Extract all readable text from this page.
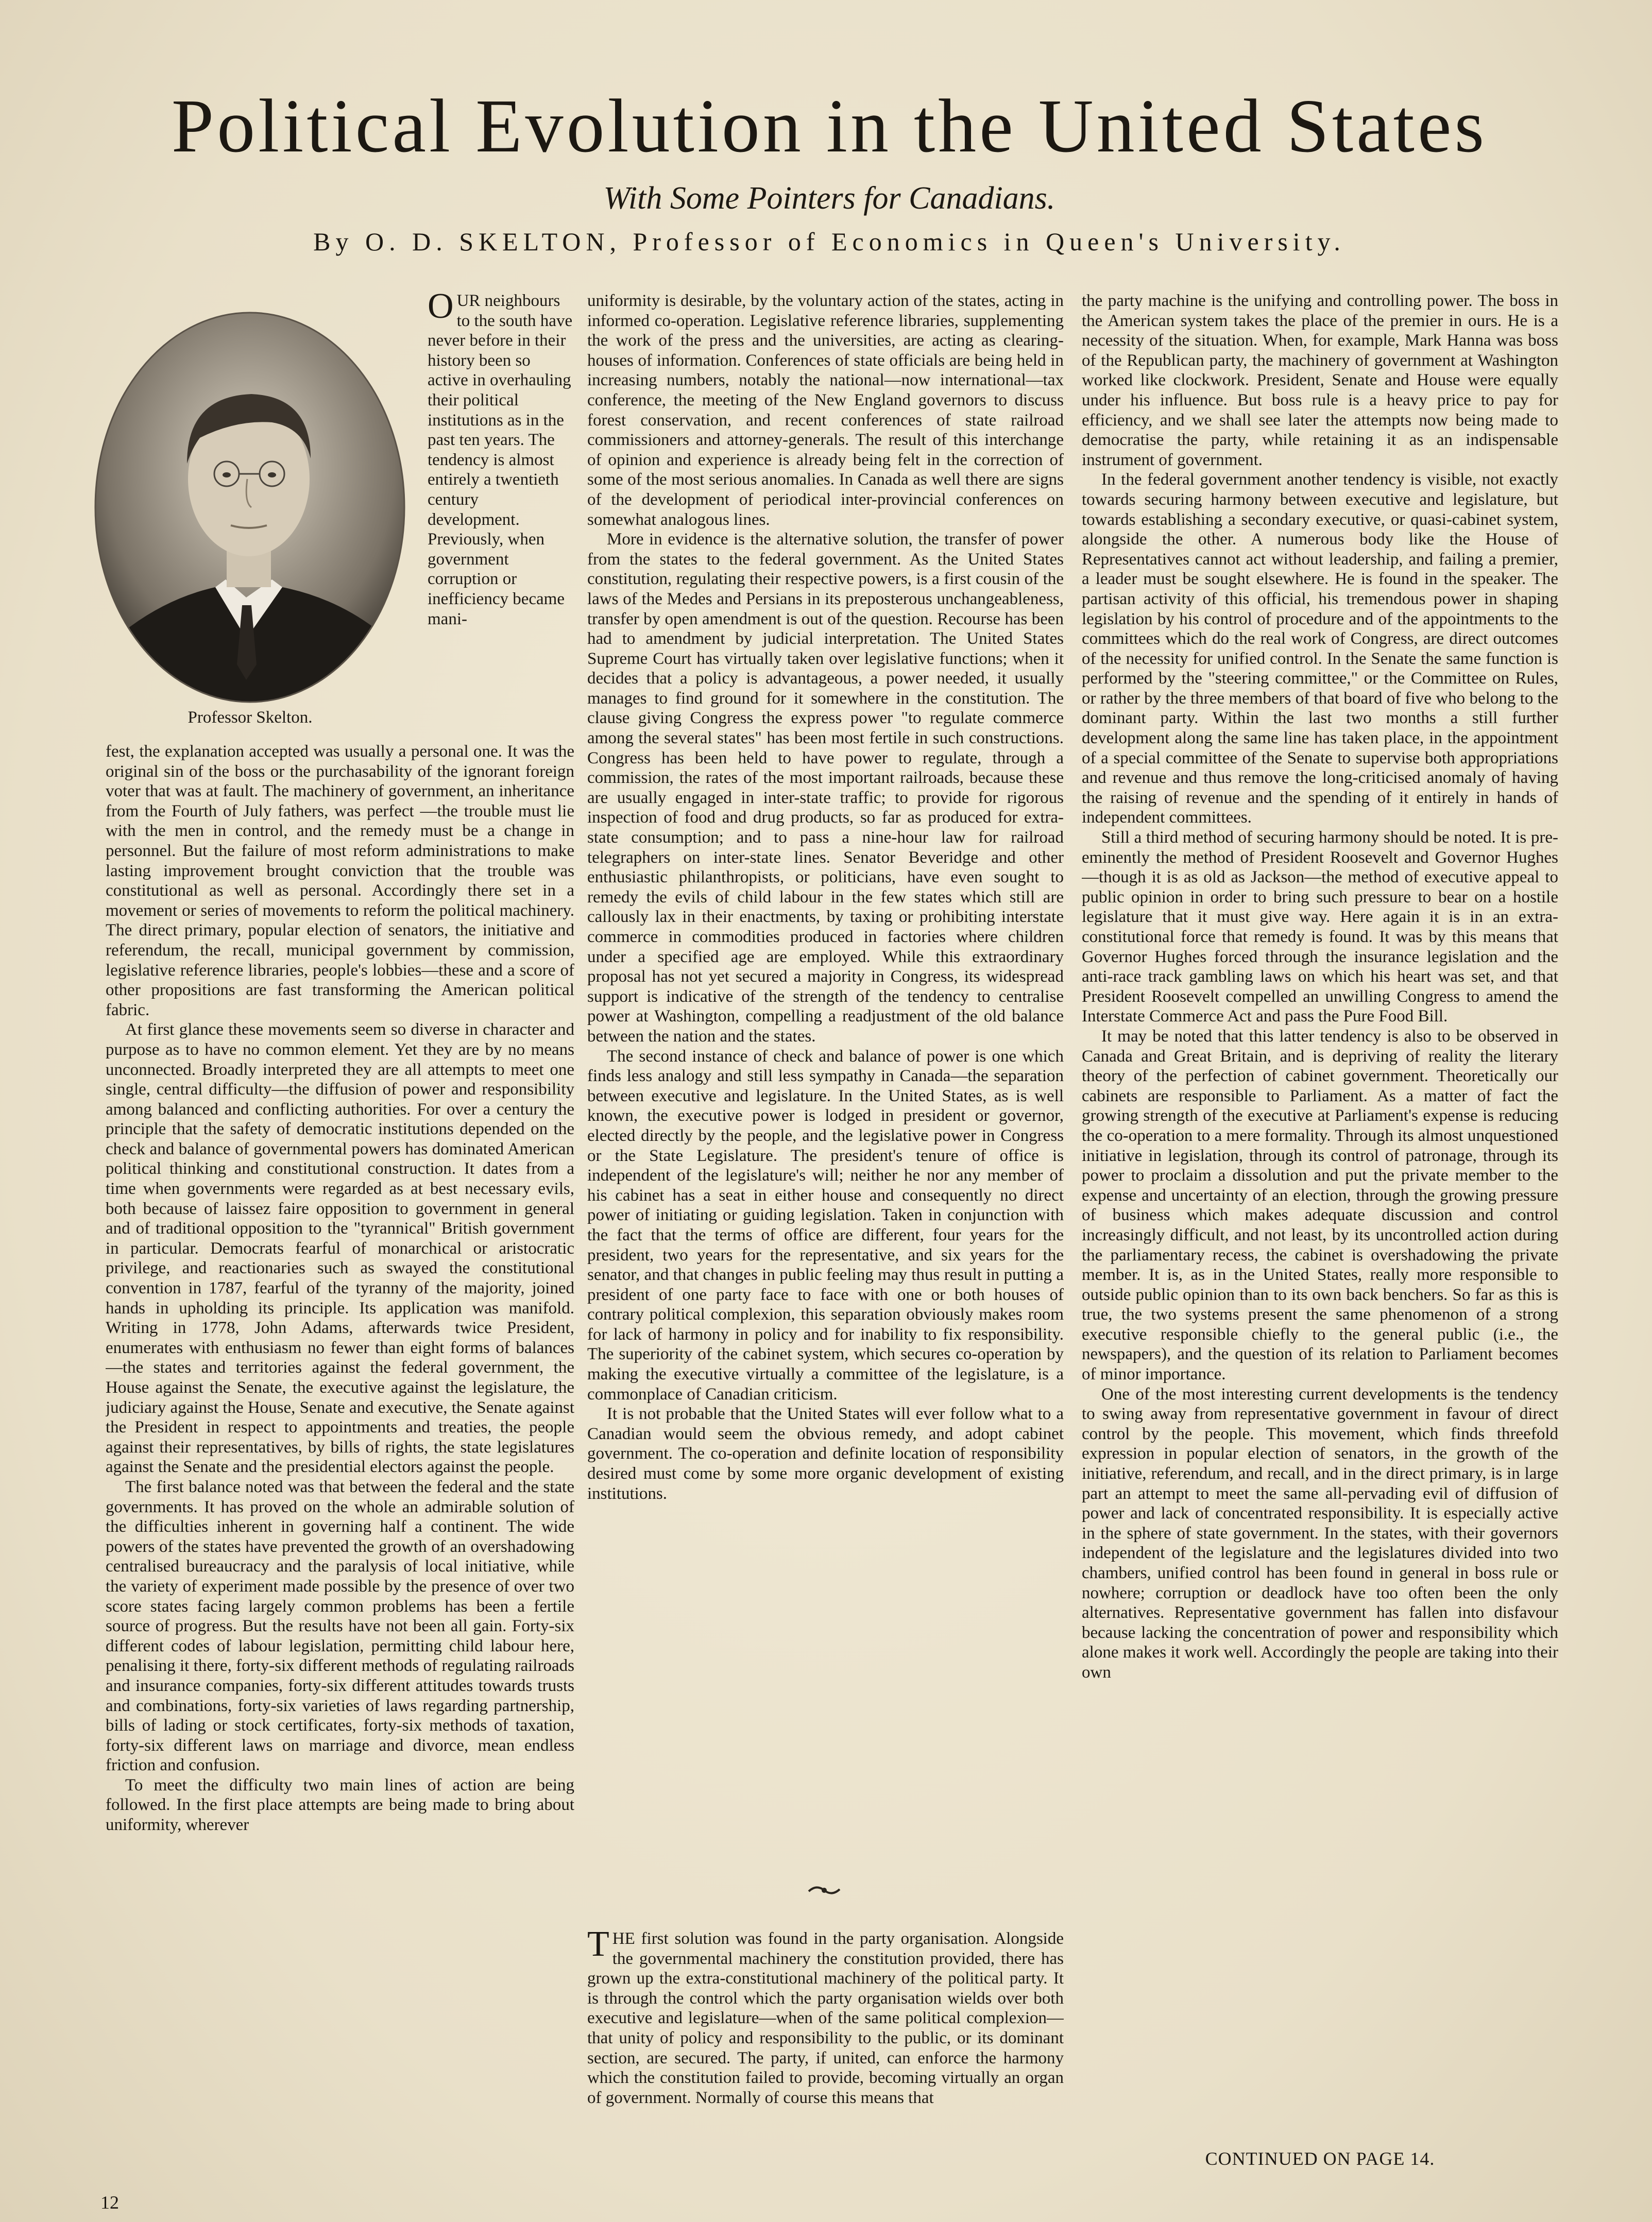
Political Evolution in the United States
With Some Pointers for Canadians.
By O. D. SKELTON, Professor of Economics in Queen's University.
Professor Skelton.

OUR neighbours to the south have never before in their history been so active in overhauling their political institutions as in the past ten years. The tendency is almost entirely a twentieth century development. Previously, when government corruption or inefficiency became mani-

fest, the explanation accepted was usually a personal one. It was the original sin of the boss or the purchasability of the ignorant foreign voter that was at fault. The machinery of government, an inheritance from the Fourth of July fathers, was perfect —the trouble must lie with the men in control, and the remedy must be a change in personnel. But the failure of most reform administrations to make lasting improvement brought conviction that the trouble was constitutional as well as personal. Accordingly there set in a movement or series of movements to reform the political machinery. The direct primary, popular election of senators, the initiative and referendum, the recall, municipal government by commission, legislative reference libraries, people's lobbies—these and a score of other propositions are fast transforming the American political fabric.

At first glance these movements seem so diverse in character and purpose as to have no common element. Yet they are by no means unconnected. Broadly interpreted they are all attempts to meet one single, central difficulty—the diffusion of power and responsibility among balanced and conflicting authorities. For over a century the principle that the safety of democratic institutions depended on the check and balance of governmental powers has dominated American political thinking and constitutional construction. It dates from a time when governments were regarded as at best necessary evils, both because of laissez faire opposition to government in general and of traditional opposition to the "tyrannical" British government in particular. Democrats fearful of monarchical or aristocratic privilege, and reactionaries such as swayed the constitutional convention in 1787, fearful of the tyranny of the majority, joined hands in upholding its principle. Its application was manifold. Writing in 1778, John Adams, afterwards twice President, enumerates with enthusiasm no fewer than eight forms of balances—the states and territories against the federal government, the House against the Senate, the executive against the legislature, the judiciary against the House, Senate and executive, the Senate against the President in respect to appointments and treaties, the people against their representatives, by bills of rights, the state legislatures against the Senate and the presidential electors against the people.

The first balance noted was that between the federal and the state governments. It has proved on the whole an admirable solution of the difficulties inherent in governing half a continent. The wide powers of the states have prevented the growth of an overshadowing centralised bureaucracy and the paralysis of local initiative, while the variety of experiment made possible by the presence of over two score states facing largely common problems has been a fertile source of progress. But the results have not been all gain. Forty-six different codes of labour legislation, permitting child labour here, penalising it there, forty-six different methods of regulating railroads and insurance companies, forty-six different attitudes towards trusts and combinations, forty-six varieties of laws regarding partnership, bills of lading or stock certificates, forty-six methods of taxation, forty-six different laws on marriage and divorce, mean endless friction and confusion.

To meet the difficulty two main lines of action are being followed. In the first place attempts are being made to bring about uniformity, wherever

uniformity is desirable, by the voluntary action of the states, acting in informed co-operation. Legislative reference libraries, supplementing the work of the press and the universities, are acting as clearing-houses of information. Conferences of state officials are being held in increasing numbers, notably the national—now international—tax conference, the meeting of the New England governors to discuss forest conservation, and recent conferences of state railroad commissioners and attorney-generals. The result of this interchange of opinion and experience is already being felt in the correction of some of the most serious anomalies. In Canada as well there are signs of the development of periodical inter-provincial conferences on somewhat analogous lines.

More in evidence is the alternative solution, the transfer of power from the states to the federal government. As the United States constitution, regulating their respective powers, is a first cousin of the laws of the Medes and Persians in its preposterous unchangeableness, transfer by open amendment is out of the question. Recourse has been had to amendment by judicial interpretation. The United States Supreme Court has virtually taken over legislative functions; when it decides that a policy is advantageous, a power needed, it usually manages to find ground for it somewhere in the constitution. The clause giving Congress the express power "to regulate commerce among the several states" has been most fertile in such constructions. Congress has been held to have power to regulate, through a commission, the rates of the most important railroads, because these are usually engaged in inter-state traffic; to provide for rigorous inspection of food and drug products, so far as produced for extra-state consumption; and to pass a nine-hour law for railroad telegraphers on inter-state lines. Senator Beveridge and other enthusiastic philanthropists, or politicians, have even sought to remedy the evils of child labour in the few states which still are callously lax in their enactments, by taxing or prohibiting interstate commerce in commodities produced in factories where children under a specified age are employed. While this extraordinary proposal has not yet secured a majority in Congress, its widespread support is indicative of the strength of the tendency to centralise power at Washington, compelling a readjustment of the old balance between the nation and the states.

The second instance of check and balance of power is one which finds less analogy and still less sympathy in Canada—the separation between executive and legislature. In the United States, as is well known, the executive power is lodged in president or governor, elected directly by the people, and the legislative power in Congress or the State Legislature. The president's tenure of office is independent of the legislature's will; neither he nor any member of his cabinet has a seat in either house and consequently no direct power of initiating or guiding legislation. Taken in conjunction with the fact that the terms of office are different, four years for the president, two years for the representative, and six years for the senator, and that changes in public feeling may thus result in putting a president of one party face to face with one or both houses of contrary political complexion, this separation obviously makes room for lack of harmony in policy and for inability to fix responsibility. The superiority of the cabinet system, which secures co-operation by making the executive virtually a committee of the legislature, is a commonplace of Canadian criticism.

It is not probable that the United States will ever follow what to a Canadian would seem the obvious remedy, and adopt cabinet government. The co-operation and definite location of responsibility desired must come by some more organic development of existing institutions.

THE first solution was found in the party organisation. Alongside the governmental machinery the constitution provided, there has grown up the extra-constitutional machinery of the political party. It is through the control which the party organisation wields over both executive and legislature—when of the same political complexion—that unity of policy and responsibility to the public, or its dominant section, are secured. The party, if united, can enforce the harmony which the constitution failed to provide, becoming virtually an organ of government. Normally of course this means that

the party machine is the unifying and controlling power. The boss in the American system takes the place of the premier in ours. He is a necessity of the situation. When, for example, Mark Hanna was boss of the Republican party, the machinery of government at Washington worked like clockwork. President, Senate and House were equally under his influence. But boss rule is a heavy price to pay for efficiency, and we shall see later the attempts now being made to democratise the party, while retaining it as an indispensable instrument of government.

In the federal government another tendency is visible, not exactly towards securing harmony between executive and legislature, but towards establishing a secondary executive, or quasi-cabinet system, alongside the other. A numerous body like the House of Representatives cannot act without leadership, and failing a premier, a leader must be sought elsewhere. He is found in the speaker. The partisan activity of this official, his tremendous power in shaping legislation by his control of procedure and of the appointments to the committees which do the real work of Congress, are direct outcomes of the necessity for unified control. In the Senate the same function is performed by the "steering committee," or the Committee on Rules, or rather by the three members of that board of five who belong to the dominant party. Within the last two months a still further development along the same line has taken place, in the appointment of a special committee of the Senate to supervise both appropriations and revenue and thus remove the long-criticised anomaly of having the raising of revenue and the spending of it entirely in hands of independent committees.

Still a third method of securing harmony should be noted. It is pre-eminently the method of President Roosevelt and Governor Hughes—though it is as old as Jackson—the method of executive appeal to public opinion in order to bring such pressure to bear on a hostile legislature that it must give way. Here again it is in an extra-constitutional force that remedy is found. It was by this means that Governor Hughes forced through the insurance legislation and the anti-race track gambling laws on which his heart was set, and that President Roosevelt compelled an unwilling Congress to amend the Interstate Commerce Act and pass the Pure Food Bill.

It may be noted that this latter tendency is also to be observed in Canada and Great Britain, and is depriving of reality the literary theory of the perfection of cabinet government. Theoretically our cabinets are responsible to Parliament. As a matter of fact the growing strength of the executive at Parliament's expense is reducing the co-operation to a mere formality. Through its almost unquestioned initiative in legislation, through its control of patronage, through its power to proclaim a dissolution and put the private member to the expense and uncertainty of an election, through the growing pressure of business which makes adequate discussion and control increasingly difficult, and not least, by its uncontrolled action during the parliamentary recess, the cabinet is overshadowing the private member. It is, as in the United States, really more responsible to outside public opinion than to its own back benchers. So far as this is true, the two systems present the same phenomenon of a strong executive responsible chiefly to the general public (i.e., the newspapers), and the question of its relation to Parliament becomes of minor importance.

One of the most interesting current developments is the tendency to swing away from representative government in favour of direct control by the people. This movement, which finds threefold expression in popular election of senators, in the growth of the initiative, referendum, and recall, and in the direct primary, is in large part an attempt to meet the same all-pervading evil of diffusion of power and lack of concentrated responsibility. It is especially active in the sphere of state government. In the states, with their governors independent of the legislature and the legislatures divided into two chambers, unified control has been found in general in boss rule or nowhere; corruption or deadlock have too often been the only alternatives. Representative government has fallen into disfavour because lacking the concentration of power and responsibility which alone makes it work well. Accordingly the people are taking into their own

CONTINUED ON PAGE 14.
12
